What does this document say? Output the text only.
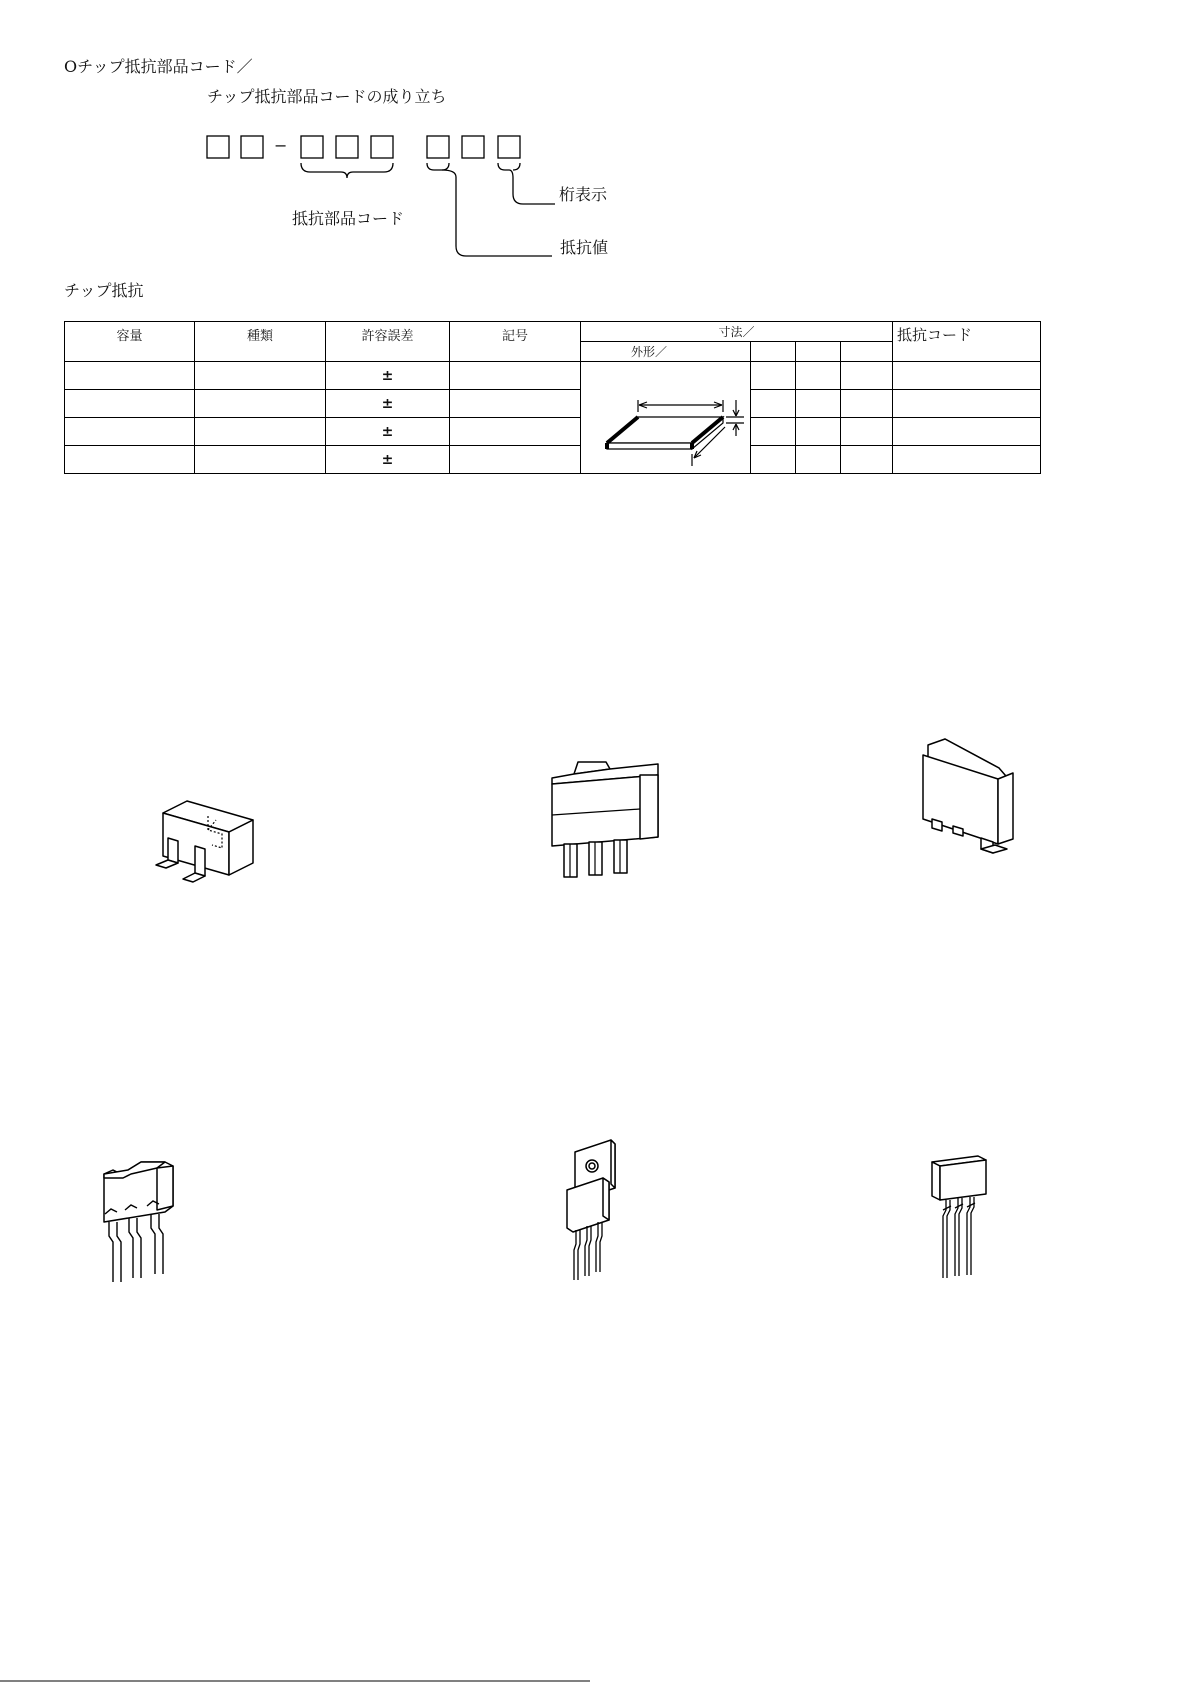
Oチップ抵抗部品コード／
チップ抵抗部品コードの成り立ち
−
抵抗部品コード
桁表示
抵抗値
チップ抵抗
容量	種類	許容誤差	記号	寸法／				抵抗コード
				外形／				
		±		

		±						
		±						
		±						
